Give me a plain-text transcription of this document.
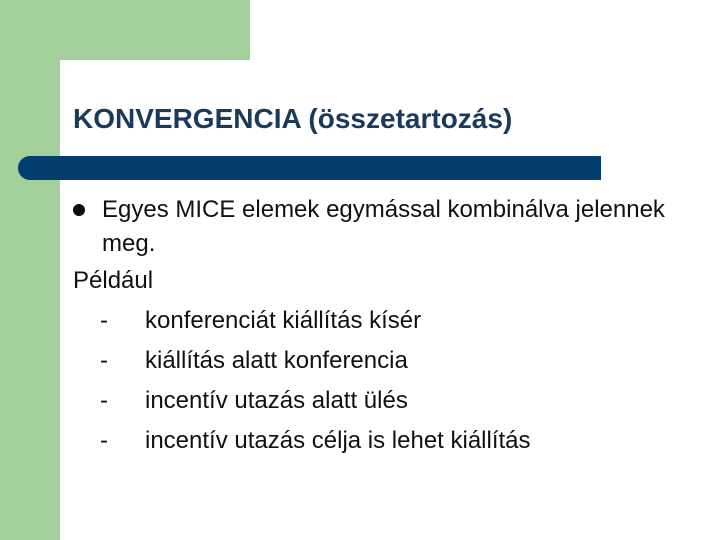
KONVERGENCIA (összetartozás)
Egyes MICE elemek egymással kombinálva jelennek meg.
Például
- konferenciát kiállítás kísér
- kiállítás alatt konferencia
- incentív utazás alatt ülés
- incentív utazás célja is lehet kiállítás
